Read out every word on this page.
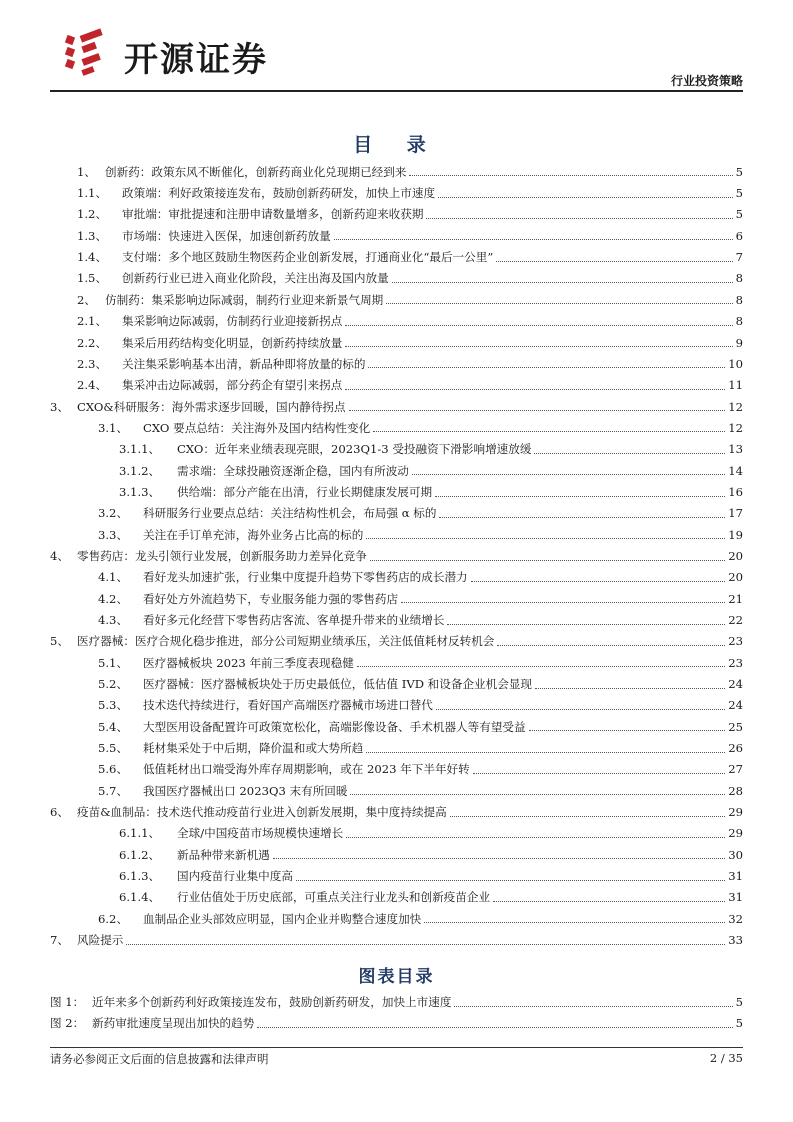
开源证券
行业投资策略
目 录
1、 创新药：政策东风不断催化，创新药商业化兑现期已经到来	5
1.1、	政策端：利好政策接连发布，鼓励创新药研发，加快上市速度	5
1.2、	审批端：审批提速和注册申请数量增多，创新药迎来收获期	5
1.3、	市场端：快速进入医保，加速创新药放量	6
1.4、	支付端：多个地区鼓励生物医药企业创新发展，打通商业化“最后一公里”	7
1.5、	创新药行业已进入商业化阶段，关注出海及国内放量	8
2、 仿制药：集采影响边际减弱，制药行业迎来新景气周期	8
2.1、	集采影响边际减弱，仿制药行业迎接新拐点	8
2.2、	集采后用药结构变化明显，创新药持续放量	9
2.3、	关注集采影响基本出清，新品种即将放量的标的	10
2.4、	集采冲击边际减弱，部分药企有望引来拐点	11
3、 CXO&科研服务：海外需求逐步回暖，国内静待拐点	12
3.1、	CXO 要点总结：关注海外及国内结构性变化	12
3.1.1、	CXO：近年来业绩表现亮眼，2023Q1-3 受投融资下滑影响增速放缓	13
3.1.2、	需求端：全球投融资逐渐企稳，国内有所波动	14
3.1.3、	供给端：部分产能在出清，行业长期健康发展可期	16
3.2、	科研服务行业要点总结：关注结构性机会，布局强 α 标的	17
3.3、	关注在手订单充沛，海外业务占比高的标的	19
4、 零售药店：龙头引领行业发展，创新服务助力差异化竞争	20
4.1、	看好龙头加速扩张，行业集中度提升趋势下零售药店的成长潜力	20
4.2、	看好处方外流趋势下，专业服务能力强的零售药店	21
4.3、	看好多元化经营下零售药店客流、客单提升带来的业绩增长	22
5、 医疗器械：医疗合规化稳步推进，部分公司短期业绩承压，关注低值耗材反转机会	23
5.1、	医疗器械板块 2023 年前三季度表现稳健	23
5.2、	医疗器械：医疗器械板块处于历史最低位，低估值 IVD 和设备企业机会显现	24
5.3、	技术迭代持续进行，看好国产高端医疗器械市场进口替代	24
5.4、	大型医用设备配置许可政策宽松化，高端影像设备、手术机器人等有望受益	25
5.5、	耗材集采处于中后期，降价温和或大势所趋	26
5.6、	低值耗材出口端受海外库存周期影响，或在 2023 年下半年好转	27
5.7、	我国医疗器械出口 2023Q3 末有所回暖	28
6、 疫苗&血制品：技术迭代推动疫苗行业进入创新发展期，集中度持续提高	29
6.1.1、	全球/中国疫苗市场规模快速增长	29
6.1.2、	新品种带来新机遇	30
6.1.3、	国内疫苗行业集中度高	31
6.1.4、	行业估值处于历史底部，可重点关注行业龙头和创新疫苗企业	31
6.2、	血制品企业头部效应明显，国内企业并购整合速度加快	32
7、 风险提示	33
图表目录
图 1： 近年来多个创新药利好政策接连发布，鼓励创新药研发，加快上市速度	5
图 2： 新药审批速度呈现出加快的趋势	5
请务必参阅正文后面的信息披露和法律声明	2 / 35
